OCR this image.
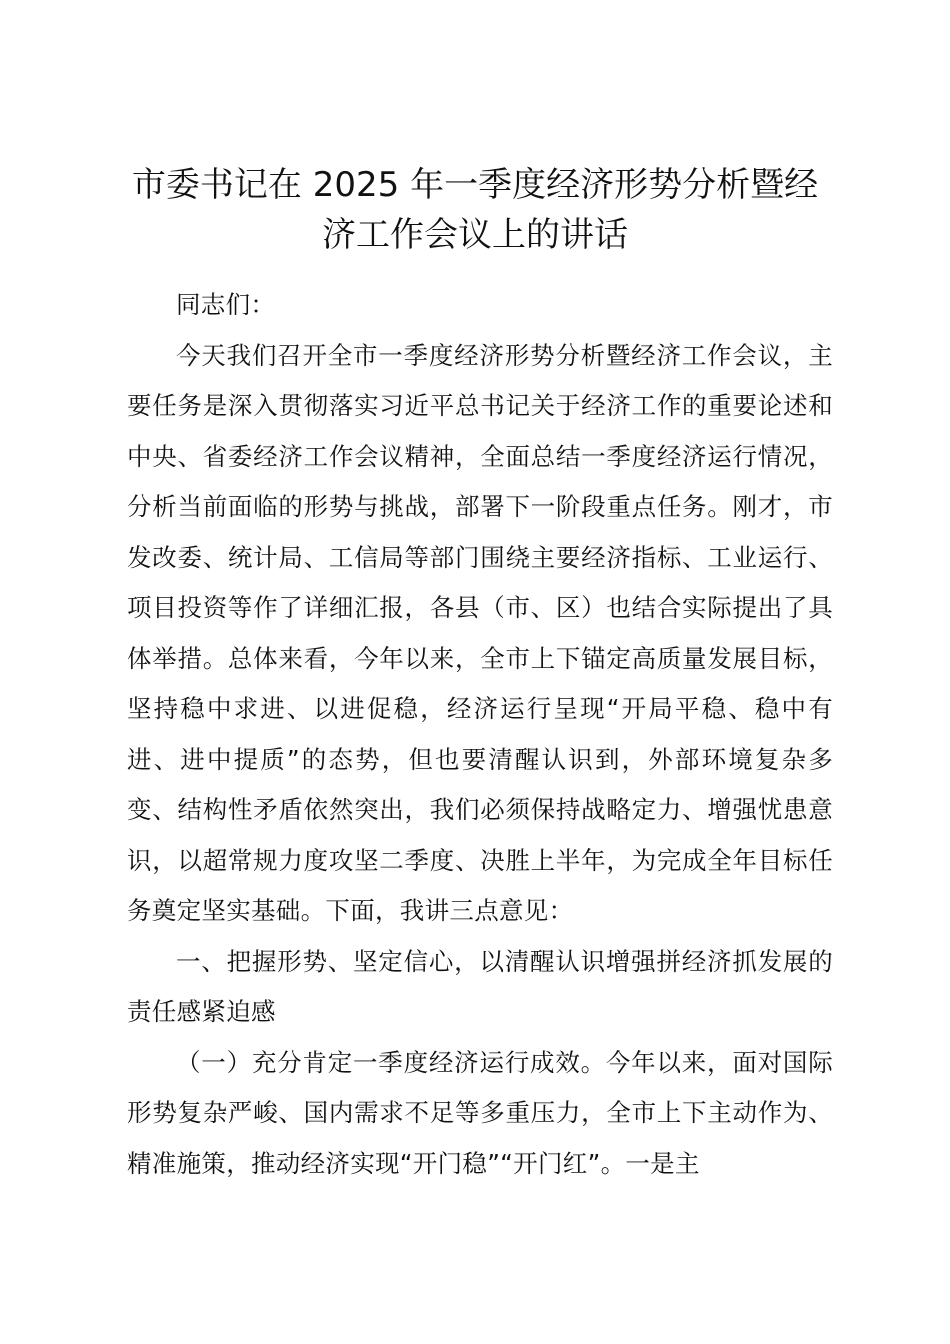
市委书记在 2025 年一季度经济形势分析暨经
济工作会议上的讲话

同志们：

今天我们召开全市一季度经济形势分析暨经济工作会议，主要任务是深入贯彻落实习近平总书记关于经济工作的重要论述和中央、省委经济工作会议精神，全面总结一季度经济运行情况，分析当前面临的形势与挑战，部署下一阶段重点任务。刚才，市发改委、统计局、工信局等部门围绕主要经济指标、工业运行、项目投资等作了详细汇报，各县（市、区）也结合实际提出了具体举措。总体来看，今年以来，全市上下锚定高质量发展目标，坚持稳中求进、以进促稳，经济运行呈现“开局平稳、稳中有进、进中提质”的态势，但也要清醒认识到，外部环境复杂多变、结构性矛盾依然突出，我们必须保持战略定力、增强忧患意识，以超常规力度攻坚二季度、决胜上半年，为完成全年目标任务奠定坚实基础。下面，我讲三点意见：

一、把握形势、坚定信心，以清醒认识增强拼经济抓发展的责任感紧迫感

（一）充分肯定一季度经济运行成效。今年以来，面对国际形势复杂严峻、国内需求不足等多重压力，全市上下主动作为、精准施策，推动经济实现“开门稳”“开门红”。一是主
